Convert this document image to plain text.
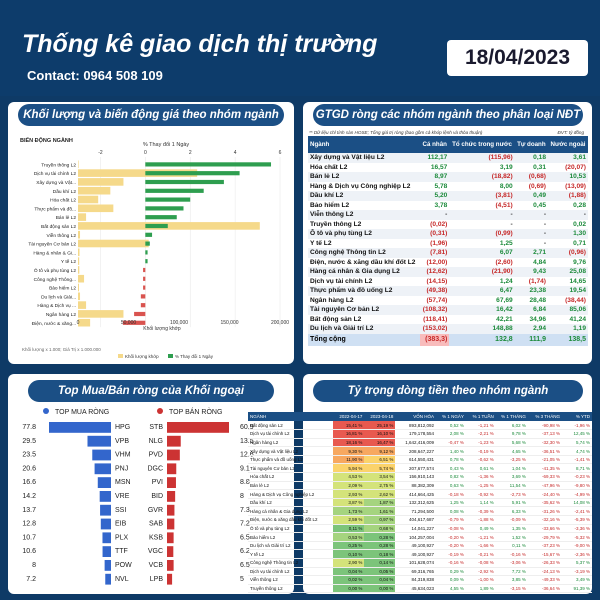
Thống kê giao dịch thị trường
Contact: 0964 508 109
18/04/2023
BIẾN ĐỘNG NGÀNH
% Thay đổi 1 Ngày
-2	0	2	4	6
Truyền thông L2
Dịch vụ tài chính L2
Xây dựng và Vật...
Dầu khí L2
Hóa chất L2
Thực phẩm và đồ...
Bán lẻ L2
Bất động sản L2
Viễn thông L2
Tài nguyên Cơ bản L2
Hàng & nhân & Gi...
Y tế L2
Ô tô và phụ tùng L2
Công nghệ Thông...
Bảo hiểm L2
Du lịch và Giải...
Hàng & Dịch vụ ...
Ngân hàng L2
Điện, nước & xăng... 0	50,000	100,000	150,000	200,000
Khối lượng khớp
Khối lượng x 1.000; Giá Trị x 1.000.000
Khối lượng khớp	% Thay đổi 1 Ngày
Khối lượng và biến động giá theo nhóm ngành
** Dữ liệu chỉ tính sàn HOSE; Tổng giá trị ròng (bao gồm cả khớp lệnh và thỏa thuận)	ĐVT: tỷ đồng
Ngành	Cá nhân	Tổ chức trong nước	Tự doanh	Nước ngoài
Xây dựng và Vật liệu L2	112,17	(115,96)	0,18	3,61
Hóa chất L2	16,57	3,19	0,31	(20,07)
Bán lẻ L2	8,97	(18,82)	(0,68)	10,53
Hàng & Dịch vụ Công nghiệp L2	5,78	8,00	(0,69)	(13,09)
Dầu khí L2	5,20	(3,81)	0,49	(1,88)
Bảo hiểm L2	3,78	(4,51)	0,45	0,28
Viễn thông L2	-	-	-	-
Truyền thông L2	(0,02)	-	-	0,02
Ô tô và phụ tùng L2	(0,31)	(0,99)	-	1,30
Y tế L2	(1,96)	1,25	-	0,71
Công nghệ Thông tin L2	(7,81)	6,07	2,71	(0,96)
Điện, nước & xăng dầu khí đốt L2	(12,00)	(2,60)	4,84	9,76
Hàng cá nhân & Gia dụng L2	(12,62)	(21,90)	9,43	25,08
Dịch vụ tài chính L2	(14,15)	1,24	(1,74)	14,65
Thực phẩm và đồ uống L2	(49,38)	6,47	23,38	19,54
Ngân hàng L2	(57,74)	67,69	28,48	(38,44)
Tài nguyên Cơ bản L2	(108,32)	16,42	6,84	85,06
Bất động sản L2	(118,41)	42,21	34,96	41,24
Du lịch và Giải trí L2	(153,02)	148,88	2,94	1,19
Tổng cộng	(383,3)	132,8	111,9	138,5
GTGD ròng các nhóm ngành theo phân loại NĐT
TOP MUA RÒNG	TOP BÁN RÒNG
77.8	HPG	STB	60.9
29.5	VPB	NLG	13.5
23.5	VHM	PVD	12.6
20.6	PNJ	DGC	9.1
16.6	MSN	PVI	8.8
14.2	VRE	BID	8
13.7	SSI	GVR	7.3
12.8	EIB	SAB	7.2
10.7	PLX	KSB	6.5
10.6	TTF	VGC	6.2
8	POW VCB	6.5
7.2	NVL	LPB	5
Top Mua/Bán ròng của Khối ngoại	Tỷ trọng dòng tiền theo nhóm ngành
NGÀNH	2022-04-17	2023-04-18	VỐN HÓA	% 1 NGÀY	% 1 TUẦN	% 1 THÁNG	% 3 THÁNG	% YTD
Bất động sản L2	15,41 %	25,19 %	893,812,092	0,52 %	-1,21 %	6,02 %	-90,98 %	-1,96 %
Dịch vụ tài chính L2	16,81 %	16,10 %	179,178,554	2,08 %	-2,21 %	9,78 %	-37,13 %	12,45 %
Ngân hàng L2	18,16 %	16,47 %	1,642,416,009	-0,47 %	-1,23 %	5,68 %	-32,30 %	5,74 %
Xây dựng và Vật liệu L2	9,30 %	9,12 %	208,647,227	1,40 %	-0,19 %	4,65 %	-36,51 %	4,74 %
Thực phẩm và đồ uống L2	11,90 %	6,51 %	614,550,431	0,78 %	-0,62 %	-3,25 %	-21,05 %	-1,41 %
Tài nguyên Cơ bản L2	5,94 %	5,74 %	207,677,574	0,43 %	0,61 %	1,04 %	-41,35 %	8,71 %
Hóa chất L2	4,53 %	3,54 %	156,910,143	0,82 %	-1,36 %	3,69 %	-69,33 %	-0,23 %
Bán lẻ L2	2,09 %	2,75 %	88,382,309	0,63 %	-1,25 %	11,54 %	-47,96 %	-9,80 %
Hàng & Dịch vụ Công nghiệp L2	2,93 %	2,62 %	414,664,425	-0,18 %	-0,92 %	-2,73 %	-24,40 %	-4,99 %
Dầu khí L2	3,87 %	1,87 %	132,312,625	1,25 %	1,14 %	5,91 %	-35,62 %	14,08 %
Hàng cá nhân & Gia dụng L2	1,73 %	1,61 %	71,294,500	0,08 %	-0,39 %	6,33 %	-31,26 %	-2,41 %
Điện, nước & xăng dầu khí đốt L2	2,59 %	0,97 %	404,617,687	-0,79 %	-1,88 %	-0,09 %	-32,16 %	-5,39 %
Ô tô và phụ tùng L2	0,11 %	0,68 %	14,041,227	-0,08 %	0,49 %	1,35 %	-33,66 %	-3,36 %
Bảo hiểm L2	0,53 %	0,28 %	104,257,004	-0,20 %	-1,21 %	1,52 %	-29,79 %	-5,32 %
Du lịch và Giải trí L2	0,25 %	0,28 %	49,100,927	-0,20 %	-1,66 %	0,11 %	-37,23 %	-9,00 %
Y tế L2	0,10 %	0,18 %	49,100,927	-0,19 %	-0,21 %	-0,16 %	-15,67 %	-2,36 %
Công nghệ Thông tin L2	2,90 %	0,14 %	101,628,074	-0,16 %	-0,08 %	-3,06 %	-26,33 %	5,37 %
Dịch vụ tài chính L2	0,04 %	0,05 %	69,316,765	0,29 %	-2,92 %	7,72 %	-24,13 %	-3,19 %
Viễn thông L2	0,02 %	0,04 %	84,319,838	0,09 %	-1,00 %	3,85 %	-49,33 %	3,49 %
Truyền thông L2	0,00 %	0,00 %	45,634,023	4,55 %	1,89 %	-3,15 %	-36,64 %	91,39 %
